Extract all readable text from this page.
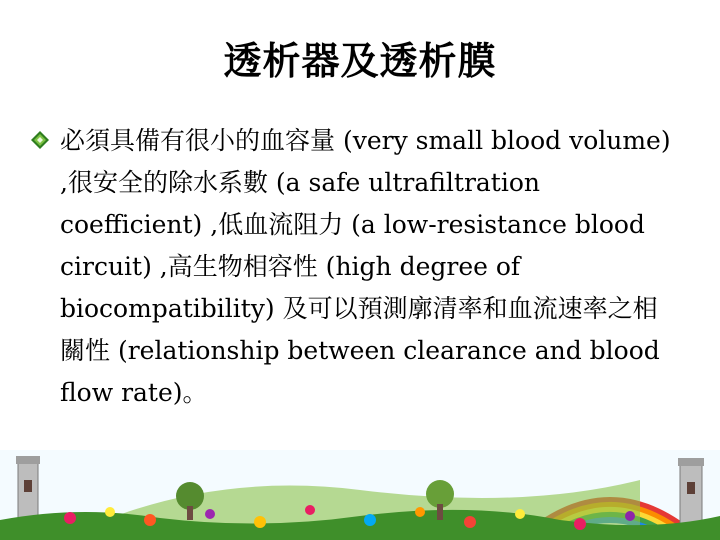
透析器及透析膜
必須具備有很小的血容量 (very small blood volume) ,很安全的除水系數 (a safe ultrafiltration coefficient) ,低血流阻力 (a low-resistance blood circuit) ,高生物相容性 (high degree of biocompatibility) 及可以預測廓清率和血流速率之相關性 (relationship between clearance and blood flow rate)。
